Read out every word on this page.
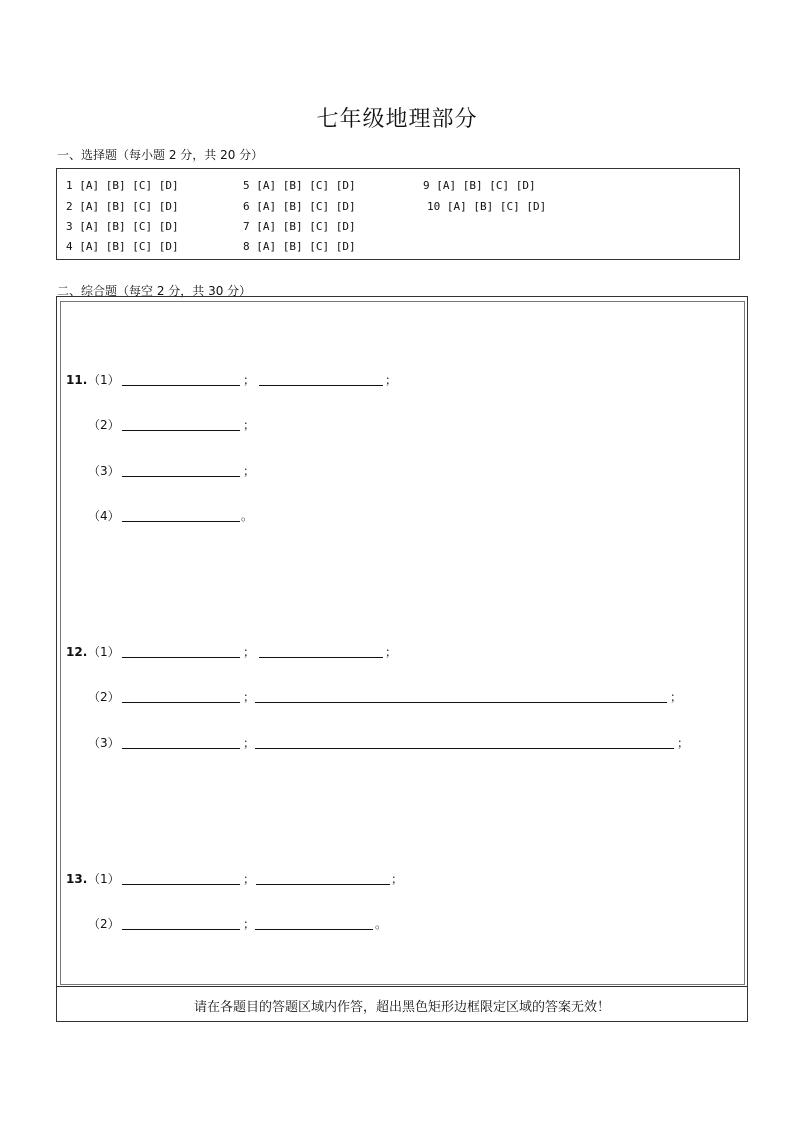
七年级地理部分
一、选择题（每小题 2 分，共 20 分）
1 [A] [B] [C] [D]
2 [A] [B] [C] [D]
3 [A] [B] [C] [D]
4 [A] [B] [C] [D]
5 [A] [B] [C] [D]
6 [A] [B] [C] [D]
7 [A] [B] [C] [D]
8 [A] [B] [C] [D]
9 [A] [B] [C] [D]
10 [A] [B] [C] [D]
二、综合题（每空 2 分，共 30 分）
11. （1）	；	；
（2）	；
（3）	；
（4）	。
12. （1）	；	；
（2）	；	；
（3）	；	；
13. （1）	；	；
（2）	；	。
请在各题目的答题区域内作答，超出黑色矩形边框限定区域的答案无效！
